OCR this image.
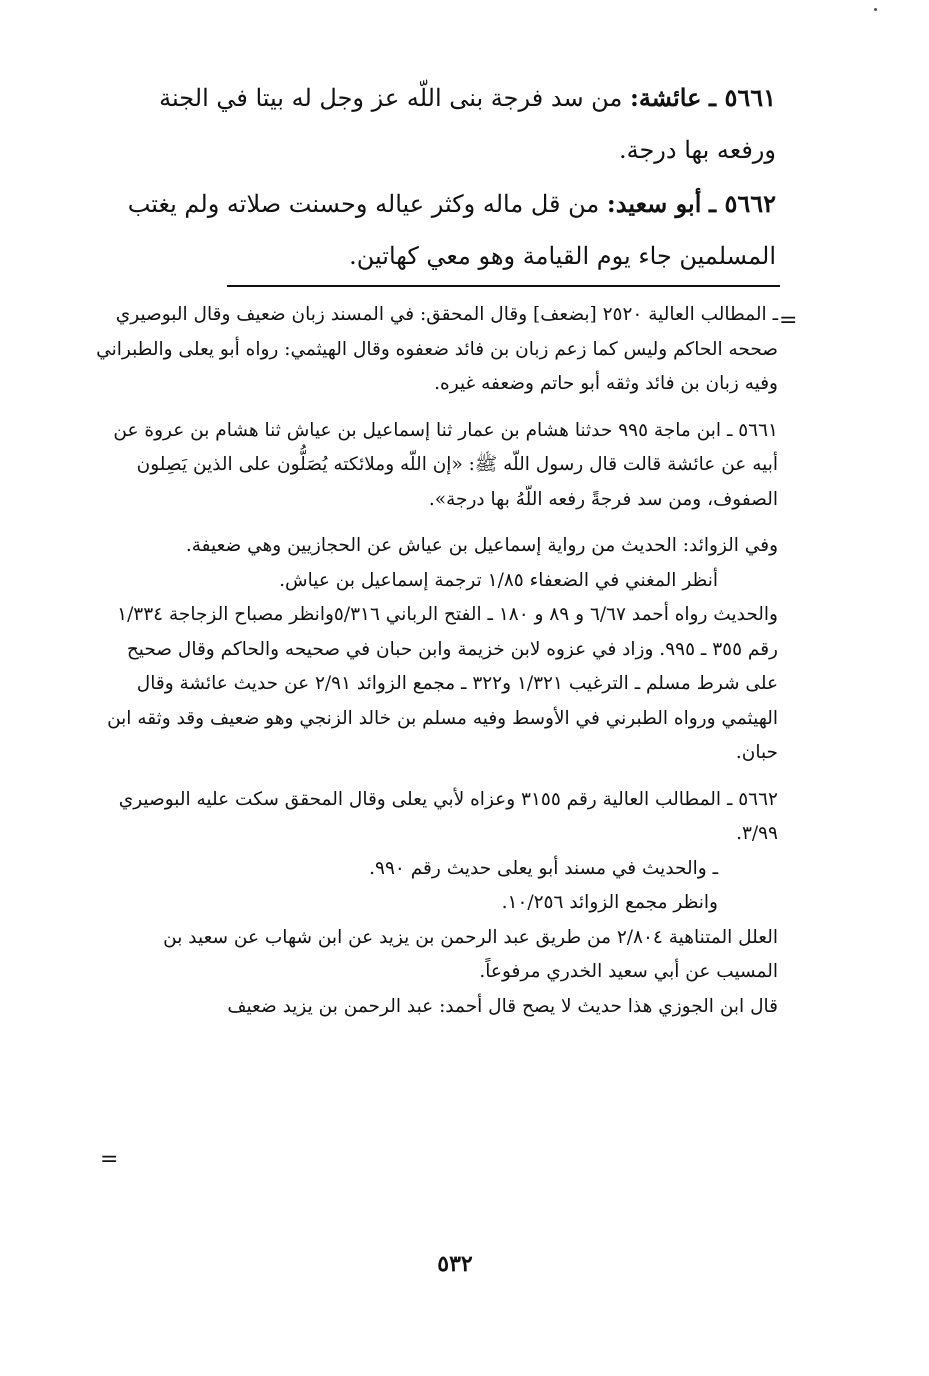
٥٦٦١ ـ عائشة: من سد فرجة بنى اللّه عز وجل له بيتا في الجنة ورفعه بها درجة.
٥٦٦٢ ـ أبو سعيد: من قل ماله وكثر عياله وحسنت صلاته ولم يغتب المسلمين جاء يوم القيامة وهو معي كهاتين.
=

ـ المطالب العالية ٢٥٢٠ [بضعف] وقال المحقق: في المسند زبان ضعيف وقال البوصيري صححه الحاكم وليس كما زعم زبان بن فائد ضعفوه وقال الهيثمي: رواه أبو يعلى والطبراني وفيه زبان بن فائد وثقه أبو حاتم وضعفه غيره.

٥٦٦١ ـ ابن ماجة ٩٩٥ حدثنا هشام بن عمار ثنا إسماعيل بن عياش ثنا هشام بن عروة عن أبيه عن عائشة قالت قال رسول اللّه ﷺ: «إن اللّه وملائكته يُصَلُّون على الذين يَصِلون الصفوف، ومن سد فرجةً رفعه اللّهُ بها درجة».

وفي الزوائد: الحديث من رواية إسماعيل بن عياش عن الحجازيين وهي ضعيفة.

أنظر المغني في الضعفاء ١/٨٥ ترجمة إسماعيل بن عياش.

والحديث رواه أحمد ٦/٦٧ و ٨٩ و ١٨٠ ـ الفتح الرباني ٥/٣١٦وانظر مصباح الزجاجة ١/٣٣٤ رقم ٣٥٥ ـ ٩٩٥. وزاد في عزوه لابن خزيمة وابن حبان في صحيحه والحاكم وقال صحيح على شرط مسلم ـ الترغيب ١/٣٢١ و٣٢٢ ـ مجمع الزوائد ٢/٩١ عن حديث عائشة وقال الهيثمي ورواه الطبرني في الأوسط وفيه مسلم بن خالد الزنجي وهو ضعيف وقد وثقه ابن حبان.

٥٦٦٢ ـ المطالب العالية رقم ٣١٥٥ وعزاه لأبي يعلى وقال المحقق سكت عليه البوصيري ٣/٩٩.

ـ والحديث في مسند أبو يعلى حديث رقم ٩٩٠.

وانظر مجمع الزوائد ١٠/٢٥٦.

العلل المتناهية ٢/٨٠٤ من طريق عبد الرحمن بن يزيد عن ابن شهاب عن سعيد بن المسيب عن أبي سعيد الخدري مرفوعاً.

قال ابن الجوزي هذا حديث لا يصح قال أحمد: عبد الرحمن بن يزيد ضعيف

=
٥٣٢
